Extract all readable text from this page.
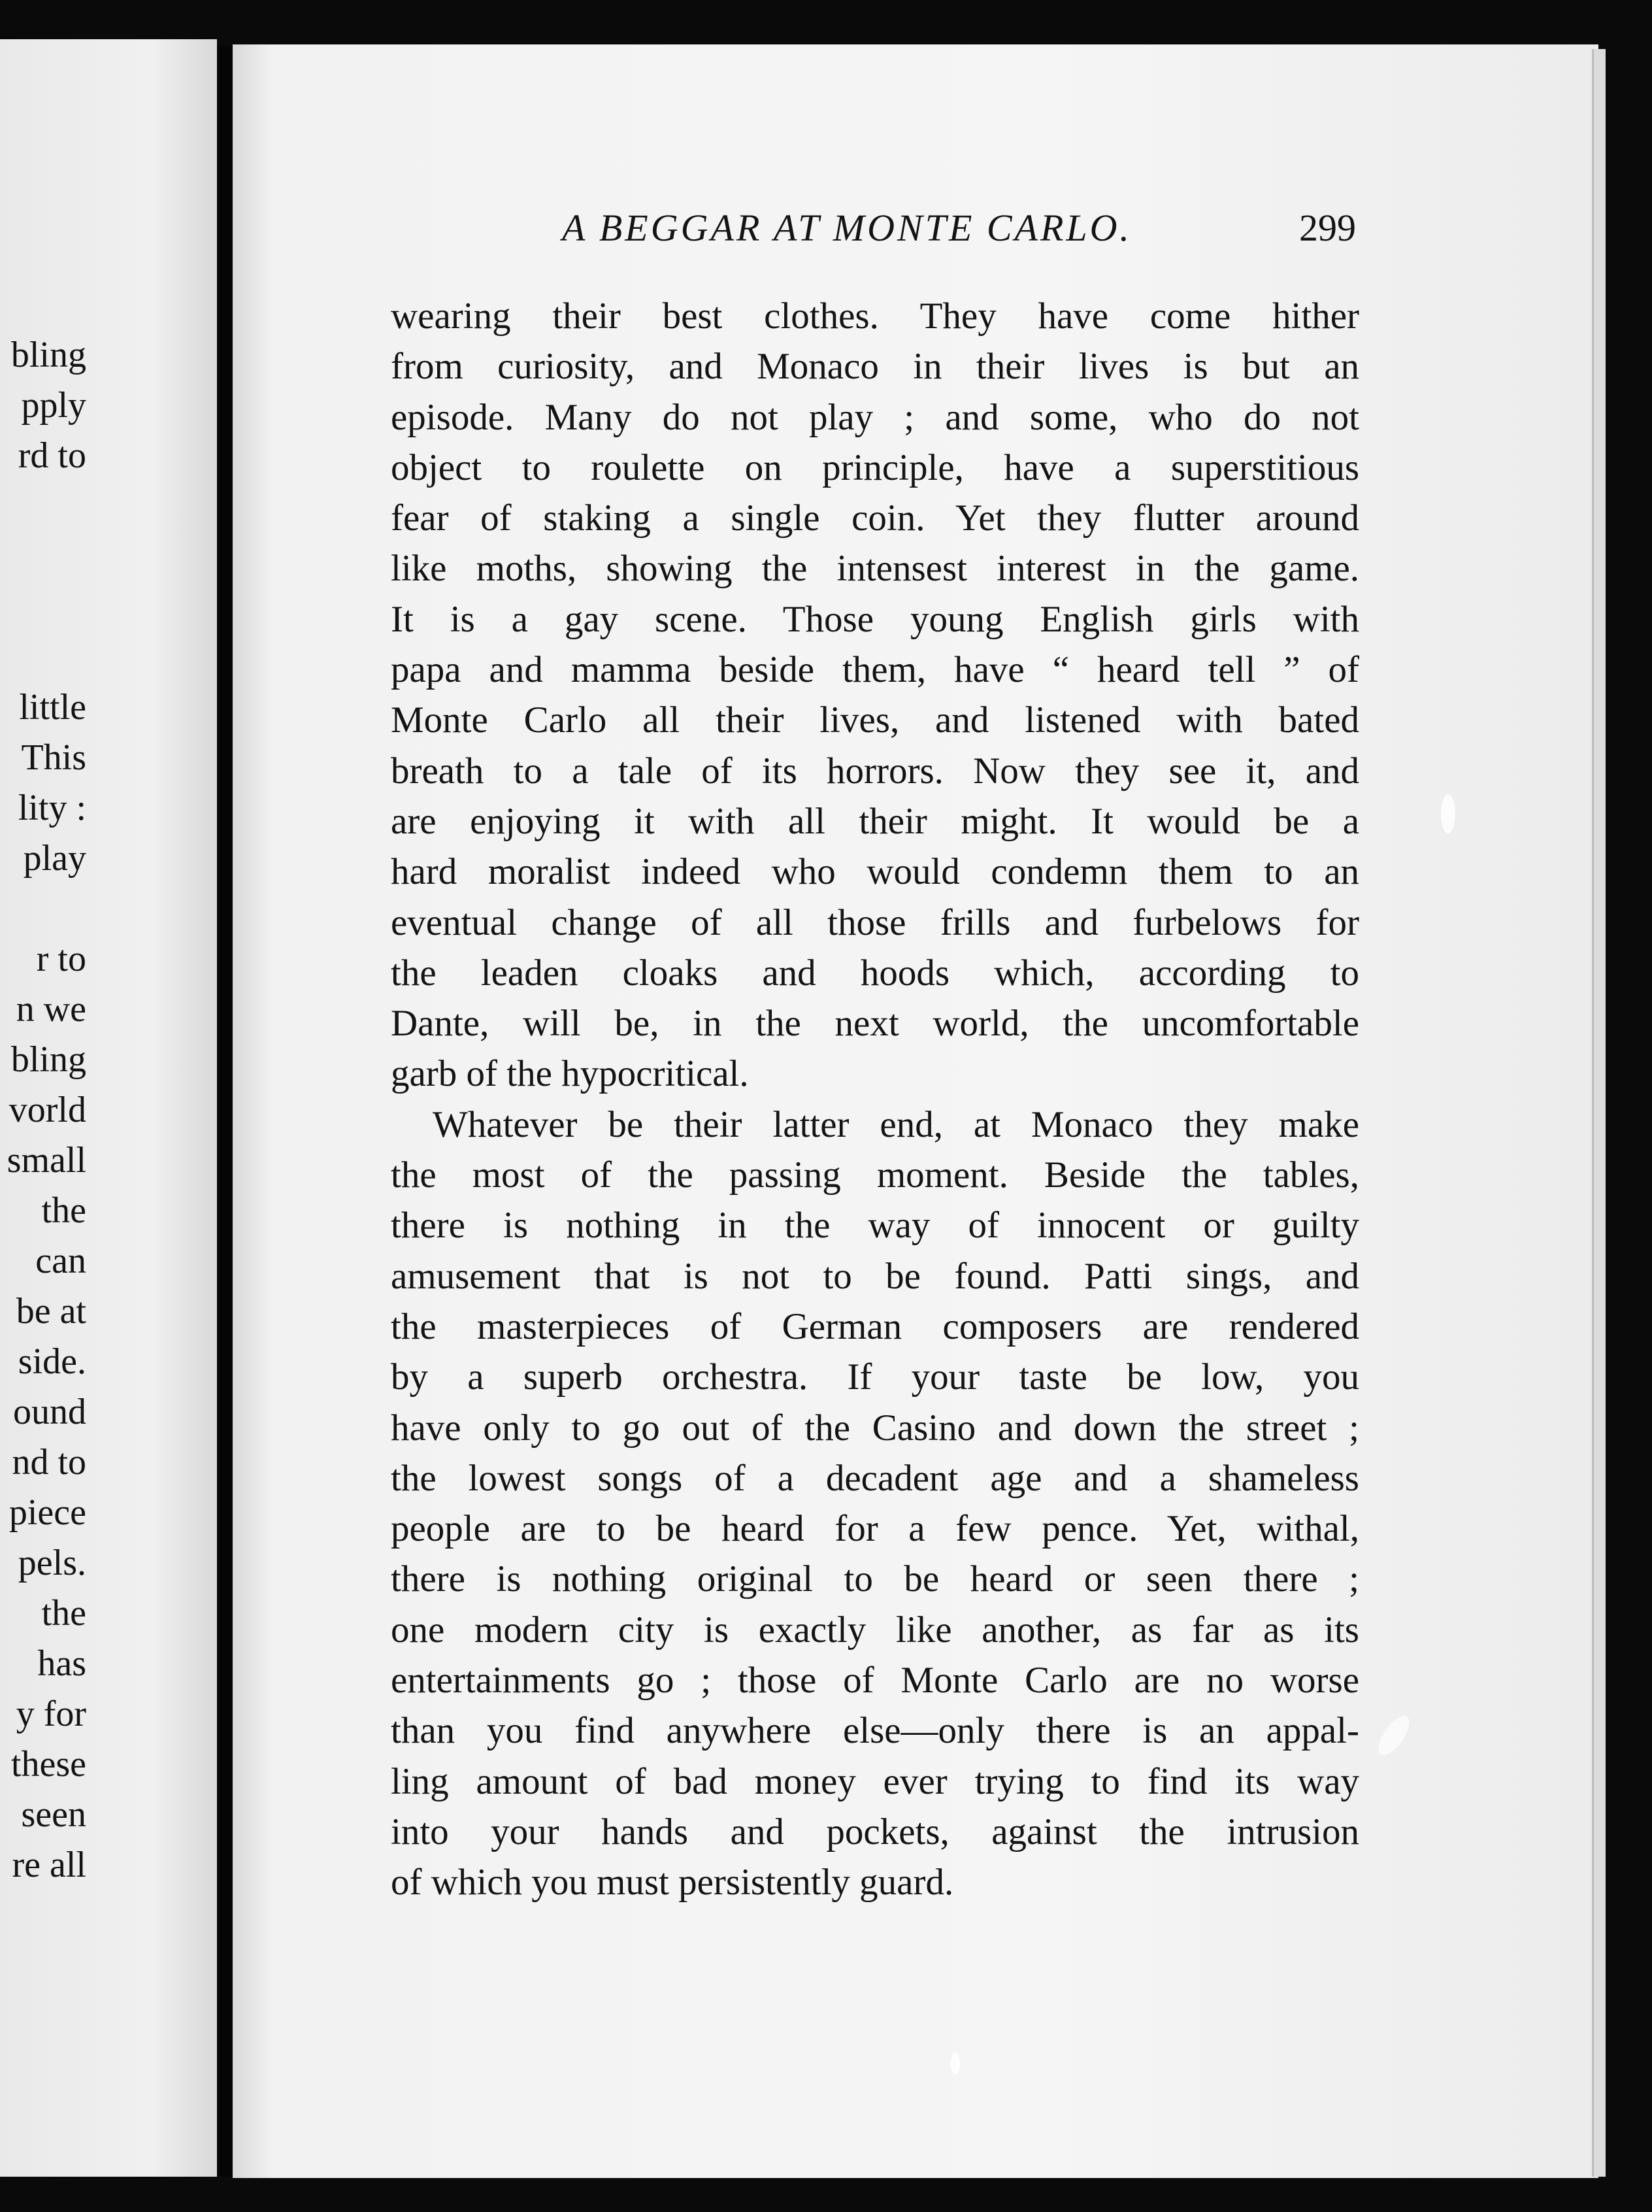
bling
pply
rd to
little
This
lity :
play
r to
n we
bling
vorld
small
the
can
be at
side.
ound
nd to
piece
pels.
the
has
y for
these
seen
re all
A BEGGAR AT MONTE CARLO.	299
wearing their best clothes. They have come hither
from curiosity, and Monaco in their lives is but an
episode. Many do not play ; and some, who do not
object to roulette on principle, have a superstitious
fear of staking a single coin. Yet they flutter around
like moths, showing the intensest interest in the game.
It is a gay scene. Those young English girls with
papa and mamma beside them, have “ heard tell ” of
Monte Carlo all their lives, and listened with bated
breath to a tale of its horrors. Now they see it, and
are enjoying it with all their might. It would be a
hard moralist indeed who would condemn them to an
eventual change of all those frills and furbelows for
the leaden cloaks and hoods which, according to
Dante, will be, in the next world, the uncomfortable
garb of the hypocritical.
Whatever be their latter end, at Monaco they make
the most of the passing moment. Beside the tables,
there is nothing in the way of innocent or guilty
amusement that is not to be found. Patti sings, and
the masterpieces of German composers are rendered
by a superb orchestra. If your taste be low, you
have only to go out of the Casino and down the street ;
the lowest songs of a decadent age and a shameless
people are to be heard for a few pence. Yet, withal,
there is nothing original to be heard or seen there ;
one modern city is exactly like another, as far as its
entertainments go ; those of Monte Carlo are no worse
than you find anywhere else—only there is an appal-
ling amount of bad money ever trying to find its way
into your hands and pockets, against the intrusion
of which you must persistently guard.
